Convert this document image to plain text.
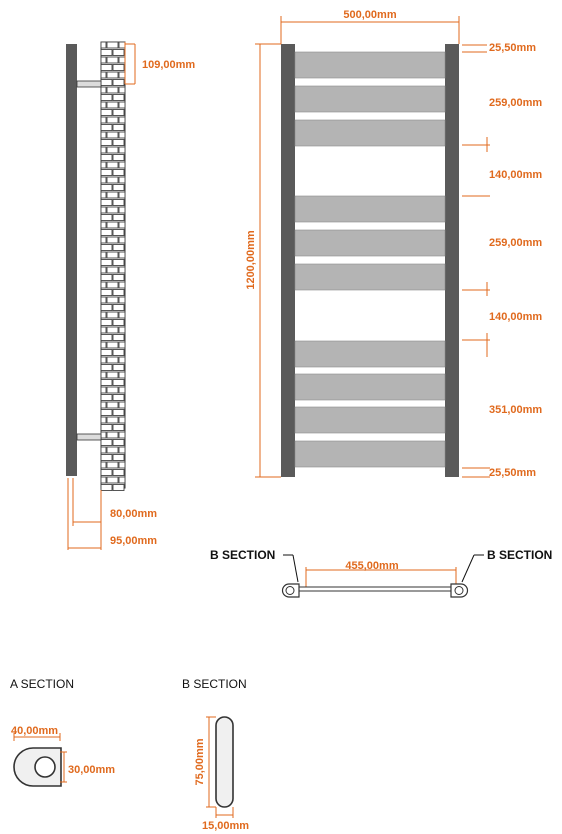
109,00mm
80,00mm
95,00mm
500,00mm
1200,00mm
25,50mm
259,00mm
140,00mm
259,00mm
140,00mm
351,00mm
25,50mm
B SECTION	B SECTION
455,00mm
A SECTION
40,00mm
30,00mm
B SECTION
75,00mm
15,00mm
